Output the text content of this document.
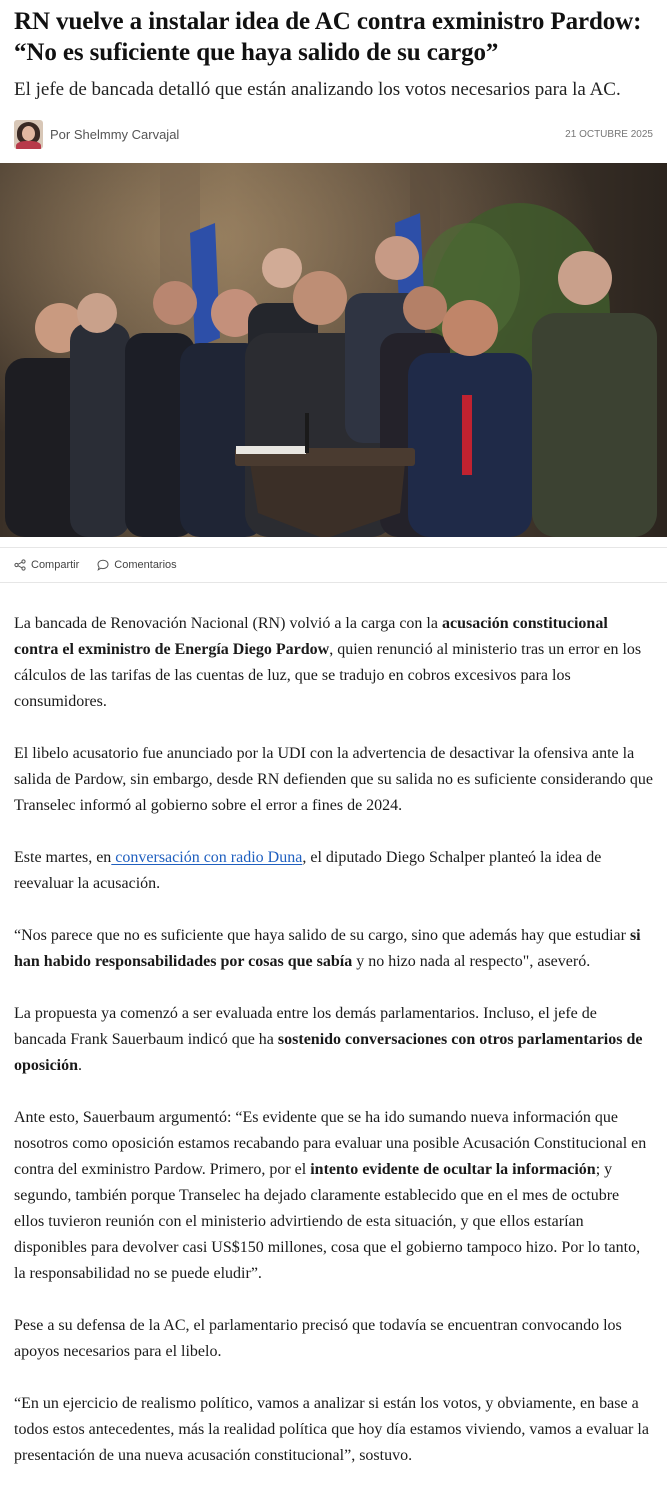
RN vuelve a instalar idea de AC contra exministro Pardow: “No es suficiente que haya salido de su cargo”

El jefe de bancada detalló que están analizando los votos necesarios para la AC.

Por Shelmmy Carvajal	21 OCTUBRE 2025
Compartir	Comentarios

La bancada de Renovación Nacional (RN) volvió a la carga con la acusación constitucional contra el exministro de Energía Diego Pardow, quien renunció al ministerio tras un error en los cálculos de las tarifas de las cuentas de luz, que se tradujo en cobros excesivos para los consumidores.

El libelo acusatorio fue anunciado por la UDI con la advertencia de desactivar la ofensiva ante la salida de Pardow, sin embargo, desde RN defienden que su salida no es suficiente considerando que Transelec informó al gobierno sobre el error a fines de 2024.

Este martes, en conversación con radio Duna, el diputado Diego Schalper planteó la idea de reevaluar la acusación.

“Nos parece que no es suficiente que haya salido de su cargo, sino que además hay que estudiar si han habido responsabilidades por cosas que sabía y no hizo nada al respecto", aseveró.

La propuesta ya comenzó a ser evaluada entre los demás parlamentarios. Incluso, el jefe de bancada Frank Sauerbaum indicó que ha sostenido conversaciones con otros parlamentarios de oposición.

Ante esto, Sauerbaum argumentó: “Es evidente que se ha ido sumando nueva información que nosotros como oposición estamos recabando para evaluar una posible Acusación Constitucional en contra del exministro Pardow. Primero, por el intento evidente de ocultar la información; y segundo, también porque Transelec ha dejado claramente establecido que en el mes de octubre ellos tuvieron reunión con el ministerio advirtiendo de esta situación, y que ellos estarían disponibles para devolver casi US$150 millones, cosa que el gobierno tampoco hizo. Por lo tanto, la responsabilidad no se puede eludir”.

Pese a su defensa de la AC, el parlamentario precisó que todavía se encuentran convocando los apoyos necesarios para el libelo.

“En un ejercicio de realismo político, vamos a analizar si están los votos, y obviamente, en base a todos estos antecedentes, más la realidad política que hoy día estamos viviendo, vamos a evaluar la presentación de una nueva acusación constitucional”, sostuvo.
